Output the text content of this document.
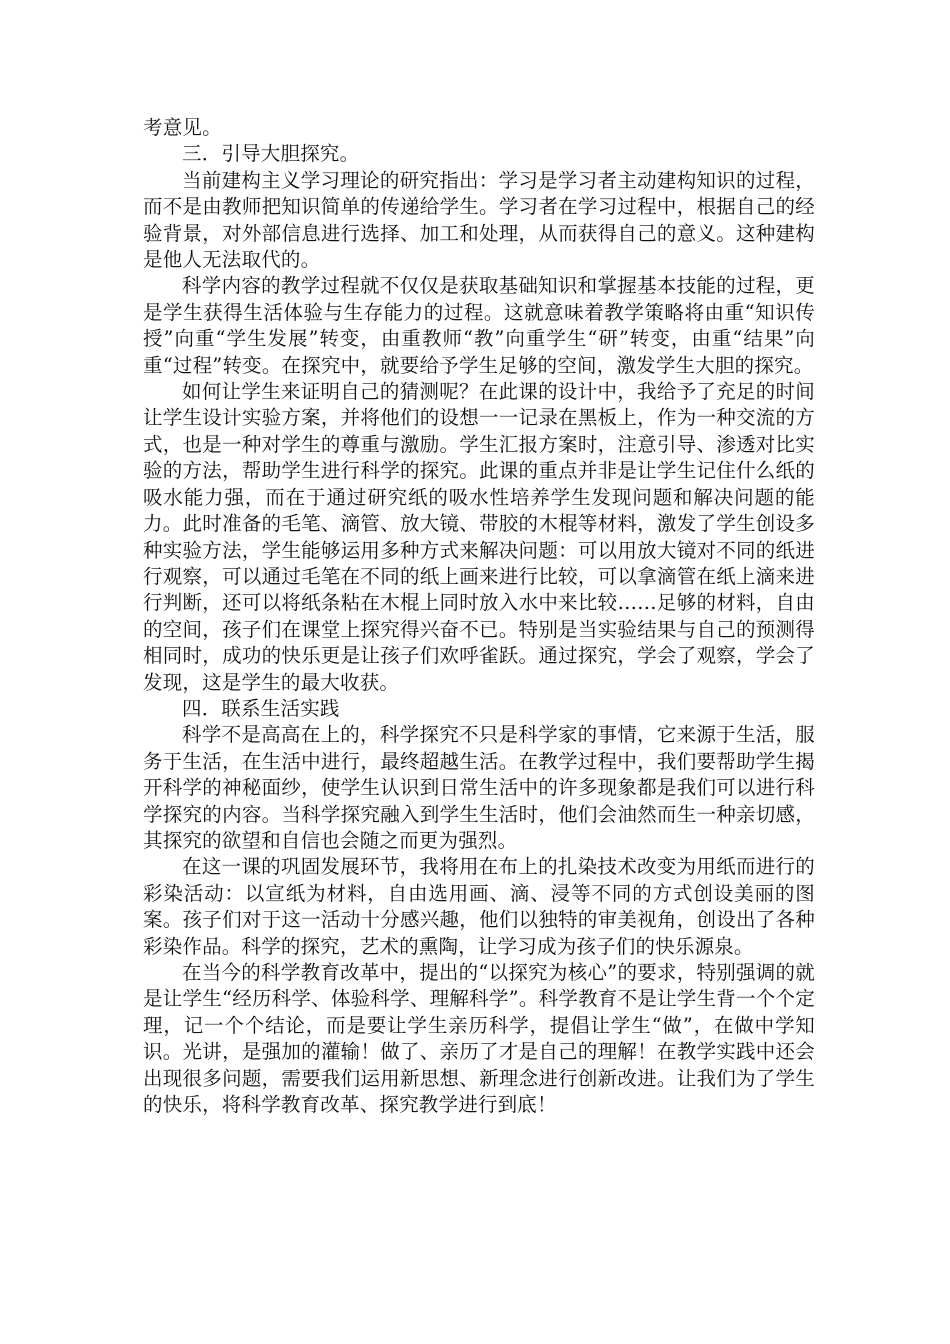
考意见。

三．引导大胆探究。

当前建构主义学习理论的研究指出：学习是学习者主动建构知识的过程，而不是由教师把知识简单的传递给学生。学习者在学习过程中，根据自己的经验背景，对外部信息进行选择、加工和处理，从而获得自己的意义。这种建构是他人无法取代的。

科学内容的教学过程就不仅仅是获取基础知识和掌握基本技能的过程，更是学生获得生活体验与生存能力的过程。这就意味着教学策略将由重“知识传授”向重“学生发展”转变，由重教师“教”向重学生“研”转变，由重“结果”向重“过程”转变。在探究中，就要给予学生足够的空间，激发学生大胆的探究。

如何让学生来证明自己的猜测呢？在此课的设计中，我给予了充足的时间让学生设计实验方案，并将他们的设想一一记录在黑板上，作为一种交流的方式，也是一种对学生的尊重与激励。学生汇报方案时，注意引导、渗透对比实验的方法，帮助学生进行科学的探究。此课的重点并非是让学生记住什么纸的吸水能力强，而在于通过研究纸的吸水性培养学生发现问题和解决问题的能力。此时准备的毛笔、滴管、放大镜、带胶的木棍等材料，激发了学生创设多种实验方法，学生能够运用多种方式来解决问题：可以用放大镜对不同的纸进行观察，可以通过毛笔在不同的纸上画来进行比较，可以拿滴管在纸上滴来进行判断，还可以将纸条粘在木棍上同时放入水中来比较……足够的材料，自由的空间，孩子们在课堂上探究得兴奋不已。特别是当实验结果与自己的预测得相同时，成功的快乐更是让孩子们欢呼雀跃。通过探究，学会了观察，学会了发现，这是学生的最大收获。

四．联系生活实践

科学不是高高在上的，科学探究不只是科学家的事情，它来源于生活，服务于生活，在生活中进行，最终超越生活。在教学过程中，我们要帮助学生揭开科学的神秘面纱，使学生认识到日常生活中的许多现象都是我们可以进行科学探究的内容。当科学探究融入到学生生活时，他们会油然而生一种亲切感，其探究的欲望和自信也会随之而更为强烈。

在这一课的巩固发展环节，我将用在布上的扎染技术改变为用纸而进行的彩染活动：以宣纸为材料，自由选用画、滴、浸等不同的方式创设美丽的图案。孩子们对于这一活动十分感兴趣，他们以独特的审美视角，创设出了各种彩染作品。科学的探究，艺术的熏陶，让学习成为孩子们的快乐源泉。

在当今的科学教育改革中，提出的“以探究为核心”的要求，特别强调的就是让学生“经历科学、体验科学、理解科学”。科学教育不是让学生背一个个定理，记一个个结论，而是要让学生亲历科学，提倡让学生“做”，在做中学知识。光讲，是强加的灌输！做了、亲历了才是自己的理解！在教学实践中还会出现很多问题，需要我们运用新思想、新理念进行创新改进。让我们为了学生的快乐，将科学教育改革、探究教学进行到底！
